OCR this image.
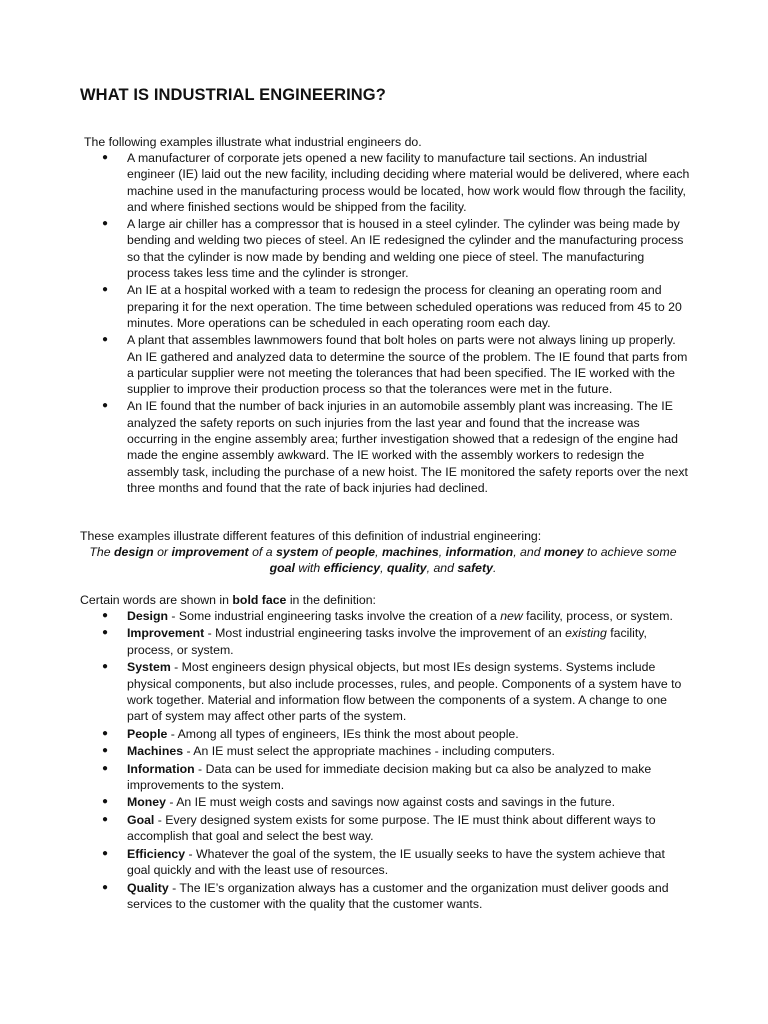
WHAT IS INDUSTRIAL ENGINEERING?

The following examples illustrate what industrial engineers do.

● A manufacturer of corporate jets opened a new facility to manufacture tail sections. An industrial engineer (IE) laid out the new facility, including deciding where material would be delivered, where each machine used in the manufacturing process would be located, how work would flow through the facility, and where finished sections would be shipped from the facility.
● A large air chiller has a compressor that is housed in a steel cylinder. The cylinder was being made by bending and welding two pieces of steel. An IE redesigned the cylinder and the manufacturing process so that the cylinder is now made by bending and welding one piece of steel. The manufacturing process takes less time and the cylinder is stronger.
● An IE at a hospital worked with a team to redesign the process for cleaning an operating room and preparing it for the next operation. The time between scheduled operations was reduced from 45 to 20 minutes. More operations can be scheduled in each operating room each day.
● A plant that assembles lawnmowers found that bolt holes on parts were not always lining up properly. An IE gathered and analyzed data to determine the source of the problem. The IE found that parts from a particular supplier were not meeting the tolerances that had been specified. The IE worked with the supplier to improve their production process so that the tolerances were met in the future.
● An IE found that the number of back injuries in an automobile assembly plant was increasing. The IE analyzed the safety reports on such injuries from the last year and found that the increase was occurring in the engine assembly area; further investigation showed that a redesign of the engine had made the engine assembly awkward. The IE worked with the assembly workers to redesign the assembly task, including the purchase of a new hoist. The IE monitored the safety reports over the next three months and found that the rate of back injuries had declined.

These examples illustrate different features of this definition of industrial engineering:

The design or improvement of a system of people, machines, information, and money to achieve some goal with efficiency, quality, and safety.

Certain words are shown in bold face in the definition:

● Design - Some industrial engineering tasks involve the creation of a new facility, process, or system.
● Improvement - Most industrial engineering tasks involve the improvement of an existing facility, process, or system.
● System - Most engineers design physical objects, but most IEs design systems. Systems include physical components, but also include processes, rules, and people. Components of a system have to work together. Material and information flow between the components of a system. A change to one part of system may affect other parts of the system.
● People - Among all types of engineers, IEs think the most about people.
● Machines - An IE must select the appropriate machines - including computers.
● Information - Data can be used for immediate decision making but ca also be analyzed to make improvements to the system.
● Money - An IE must weigh costs and savings now against costs and savings in the future.
● Goal - Every designed system exists for some purpose. The IE must think about different ways to accomplish that goal and select the best way.
● Efficiency - Whatever the goal of the system, the IE usually seeks to have the system achieve that goal quickly and with the least use of resources.
● Quality - The IE’s organization always has a customer and the organization must deliver goods and services to the customer with the quality that the customer wants.
